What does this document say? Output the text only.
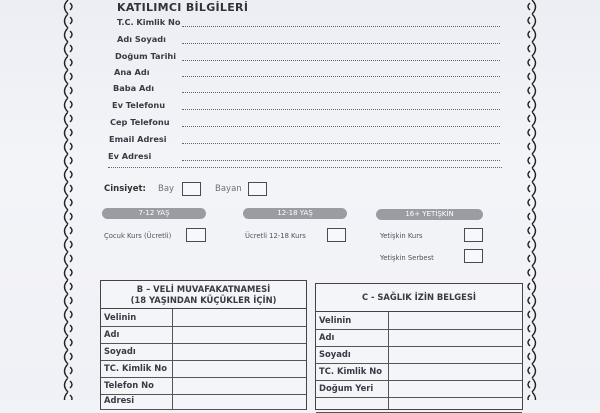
KATILIMCI BİLGİLERİ
T.C. Kimlik No
Adı Soyadı
Doğum Tarihi
Ana Adı
Baba Adı
Ev Telefonu
Cep Telefonu
Email Adresi
Ev Adresi
Cinsiyet: Bay	Bayan
7-12 YAŞ
Çocuk Kurs (Ücretli)
12-18 YAŞ
Ücretli 12-18 Kurs
16+ YETİŞKİN
Yetişkin Kurs
Yetişkin Serbest
B – VELİ MUVAFAKATNAMESİ
(18 YAŞINDAN KÜÇÜKLER İÇİN)
Velinin
Adı
Soyadı
TC. Kimlik No
Telefon No
Adresi
C - SAĞLIK İZİN BELGESİ
Velinin
Adı
Soyadı
TC. Kimlik No
Doğum Yeri
